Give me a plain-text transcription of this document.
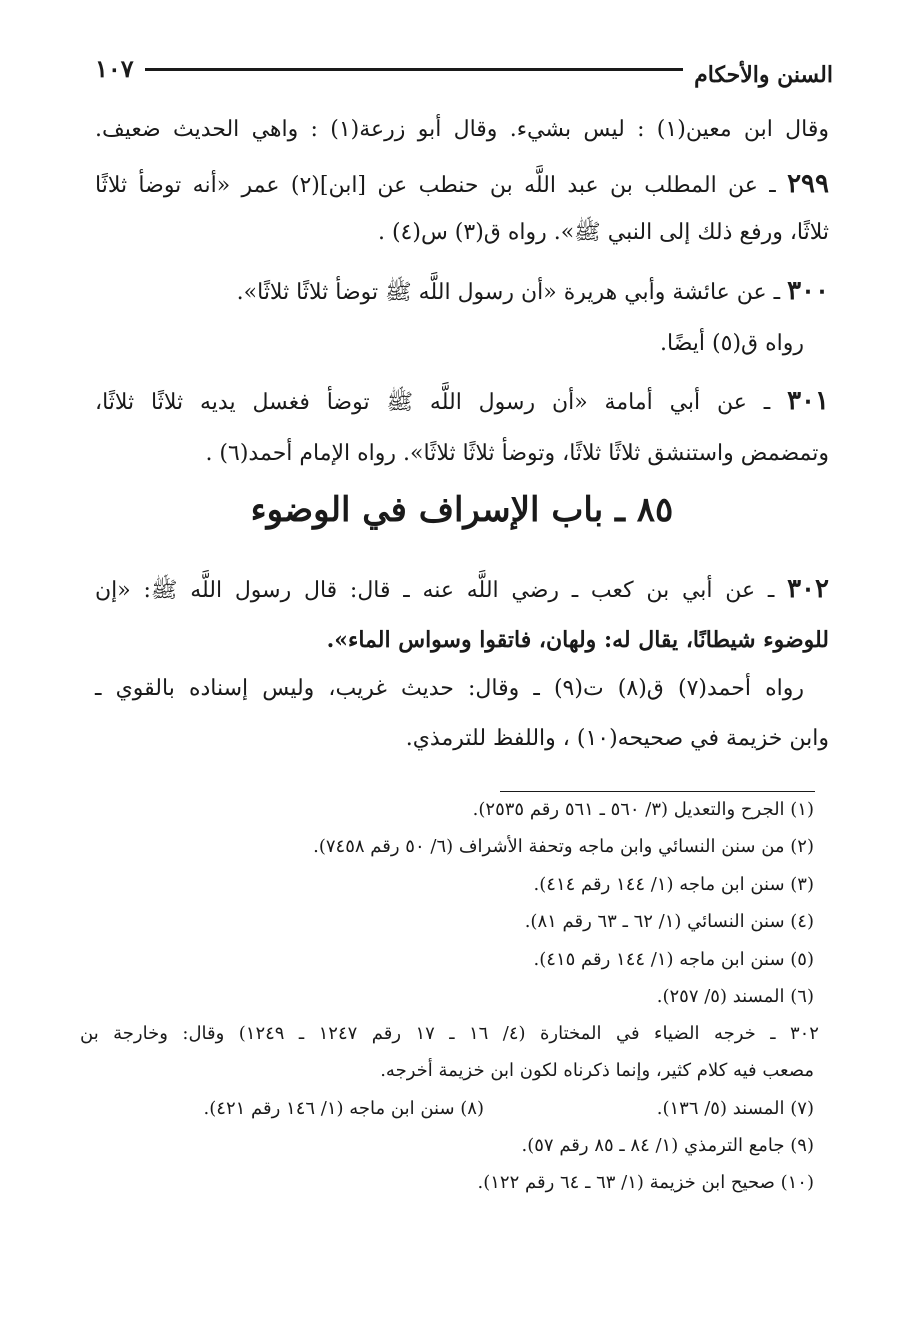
السنن والأحكام
١٠٧
وقال ابن معين(١) : ليس بشيء. وقال أبو زرعة(١) : واهي الحديث ضعيف.
٢٩٩ ـ عن المطلب بن عبد اللَّه بن حنطب عن [ابن](٢) عمر «أنه توضأ ثلاثًا
ثلاثًا، ورفع ذلك إلى النبي ﷺ». رواه ق(٣) س(٤) .
٣٠٠ ـ عن عائشة وأبي هريرة «أن رسول اللَّه ﷺ توضأ ثلاثًا ثلاثًا».
رواه ق(٥) أيضًا.
٣٠١ ـ عن أبي أمامة «أن رسول اللَّه ﷺ توضأ فغسل يديه ثلاثًا ثلاثًا،
وتمضمض واستنشق ثلاثًا ثلاثًا، وتوضأ ثلاثًا ثلاثًا». رواه الإمام أحمد(٦) .
٨٥ ـ باب الإسراف في الوضوء
٣٠٢ ـ عن أبي بن كعب ـ رضي اللَّه عنه ـ قال: قال رسول اللَّه ﷺ: «إن
للوضوء شيطانًا، يقال له: ولهان، فاتقوا وسواس الماء».
رواه أحمد(٧) ق(٨) ت(٩) ـ وقال: حديث غريب، وليس إسناده بالقوي ـ
وابن خزيمة في صحيحه(١٠) ، واللفظ للترمذي.
(١) الجرح والتعديل (٣/ ٥٦٠ ـ ٥٦١ رقم ٢٥٣٥).
(٢) من سنن النسائي وابن ماجه وتحفة الأشراف (٦/ ٥٠ رقم ٧٤٥٨).
(٣) سنن ابن ماجه (١/ ١٤٤ رقم ٤١٤).
(٤) سنن النسائي (١/ ٦٢ ـ ٦٣ رقم ٨١).
(٥) سنن ابن ماجه (١/ ١٤٤ رقم ٤١٥).
(٦) المسند (٥/ ٢٥٧).
٣٠٢ ـ خرجه الضياء في المختارة (٤/ ١٦ ـ ١٧ رقم ١٢٤٧ ـ ١٢٤٩) وقال: وخارجة بن
مصعب فيه كلام كثير، وإنما ذكرناه لكون ابن خزيمة أخرجه.
(٧) المسند (٥/ ١٣٦).
(٨) سنن ابن ماجه (١/ ١٤٦ رقم ٤٢١).
(٩) جامع الترمذي (١/ ٨٤ ـ ٨٥ رقم ٥٧).
(١٠) صحيح ابن خزيمة (١/ ٦٣ ـ ٦٤ رقم ١٢٢).
